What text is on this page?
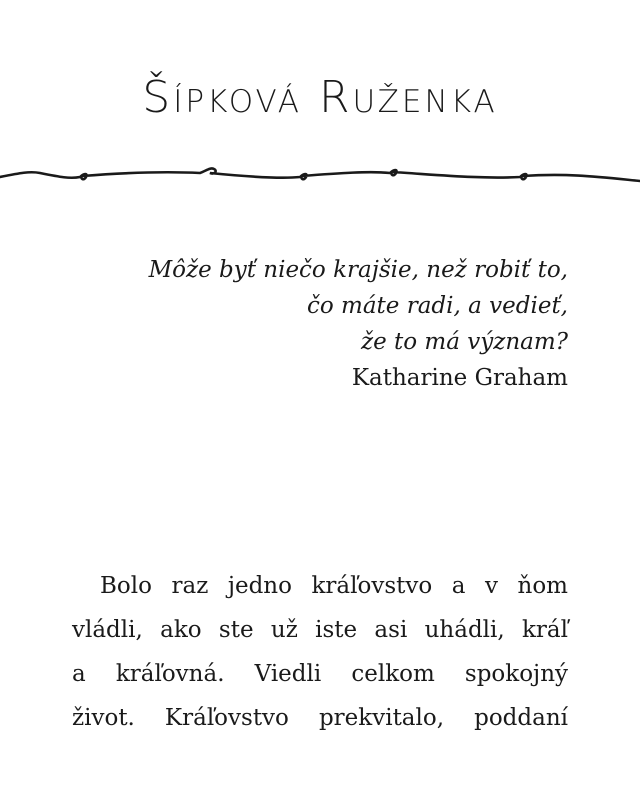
Šípková Ruženka
Môže byť niečo krajšie, než robiť to,
čo máte radi, a vedieť,
že to má význam?
Katharine Graham
Bolo raz jedno kráľovstvo a v ňom
vládli, ako ste už iste asi uhádli, kráľ
a kráľovná. Viedli celkom spokojný
život. Kráľovstvo prekvitalo, poddaní
